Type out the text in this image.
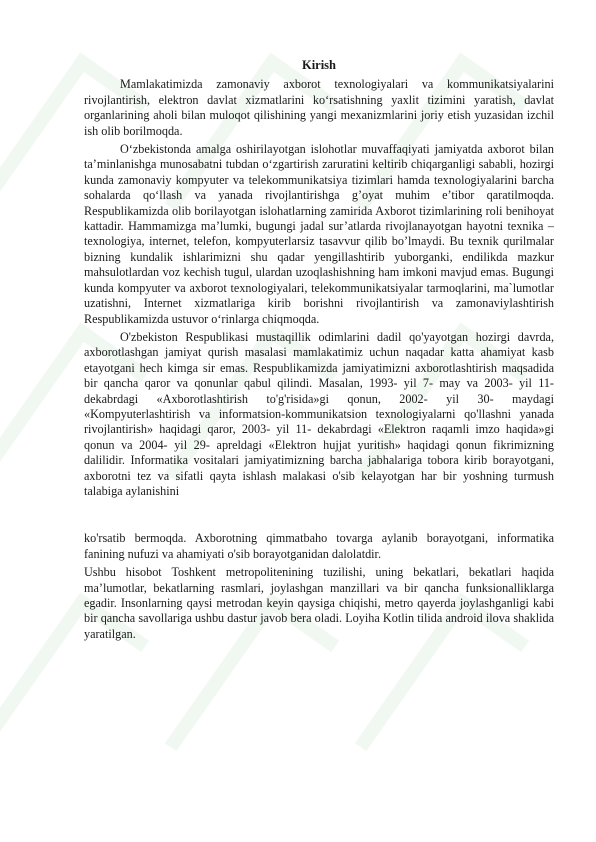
Kirish

Mamlakatimizda zamonaviy axborot texnologiyalari va kommunikatsiyalarini rivojlantirish, elektron davlat xizmatlarini ko‘rsatishning yaxlit tizimini yaratish, davlat organlarining aholi bilan muloqot qilishining yangi mexanizmlarini joriy etish yuzasidan izchil ish olib borilmoqda.

O‘zbekistonda amalga oshirilayotgan islohotlar muvaffaqiyati jamiyatda axborot bilan ta’minlanishga munosabatni tubdan o‘zgartirish zaruratini keltirib chiqarganligi sababli, hozirgi kunda zamonaviy kompyuter va telekommunikatsiya tizimlari hamda texnologiyalarini barcha sohalarda qo‘llash va yanada rivojlantirishga g’oyat muhim e’tibor qaratilmoqda. Respublikamizda olib borilayotgan islohatlarning zamirida Axborot tizimlarining roli benihoyat kattadir. Hammamizga ma’lumki, bugungi jadal sur’atlarda rivojlanayotgan hayotni texnika – texnologiya, internet, telefon, kompyuterlarsiz tasavvur qilib bo’lmaydi. Bu texnik qurilmalar bizning kundalik ishlarimizni shu qadar yengillashtirib yuborganki, endilikda mazkur mahsulotlardan voz kechish tugul, ulardan uzoqlashishning ham imkoni mavjud emas. Bugungi kunda kompyuter va axborot texnologiyalari, telekommunikatsiyalar tarmoqlarini, ma`lumotlar uzatishni, Internet xizmatlariga kirib borishni rivojlantirish va zamonaviylashtirish Respublikamizda ustuvor o‘rinlarga chiqmoqda.

O'zbekiston Respublikasi mustaqillik odimlarini dadil qo'yayotgan hozirgi davrda, axborotlashgan jamiyat qurish masalasi mamlakatimiz uchun naqadar katta ahamiyat kasb etayotgani hech kimga sir emas. Respublikamizda jamiyatimizni axborotlashtirish maqsadida bir qancha qaror va qonunlar qabul qilindi. Masalan, 1993- yil 7- may va 2003- yil 11- dekabrdagi «Axborotlashtirish to'g'risida»gi qonun, 2002- yil 30- maydagi «Kompyuterlashtirish va informatsion-kommunikatsion texnologiyalarni qo'llashni yanada rivojlantirish» haqidagi qaror, 2003- yil 11- dekabrdagi «Elektron raqamli imzo haqida»gi qonun va 2004- yil 29- apreldagi «Elektron hujjat yuritish» haqidagi qonun fikrimizning dalilidir. Informatika vositalari jamiyatimizning barcha jabhalariga tobora kirib borayotgani, axborotni tez va sifatli qayta ishlash malakasi o'sib kelayotgan har bir yoshning turmush talabiga aylanishini

ko'rsatib bermoqda. Axborotning qimmatbaho tovarga aylanib borayotgani, informatika fanining nufuzi va ahamiyati o'sib borayotganidan dalolatdir.

Ushbu hisobot Toshkent metropolitenining tuzilishi, uning bekatlari, bekatlari haqida ma’lumotlar, bekatlarning rasmlari, joylashgan manzillari va bir qancha funksionalliklarga egadir. Insonlarning qaysi metrodan keyin qaysiga chiqishi, metro qayerda joylashganligi kabi bir qancha savollariga ushbu dastur javob bera oladi. Loyiha Kotlin tilida android ilova shaklida yaratilgan.
